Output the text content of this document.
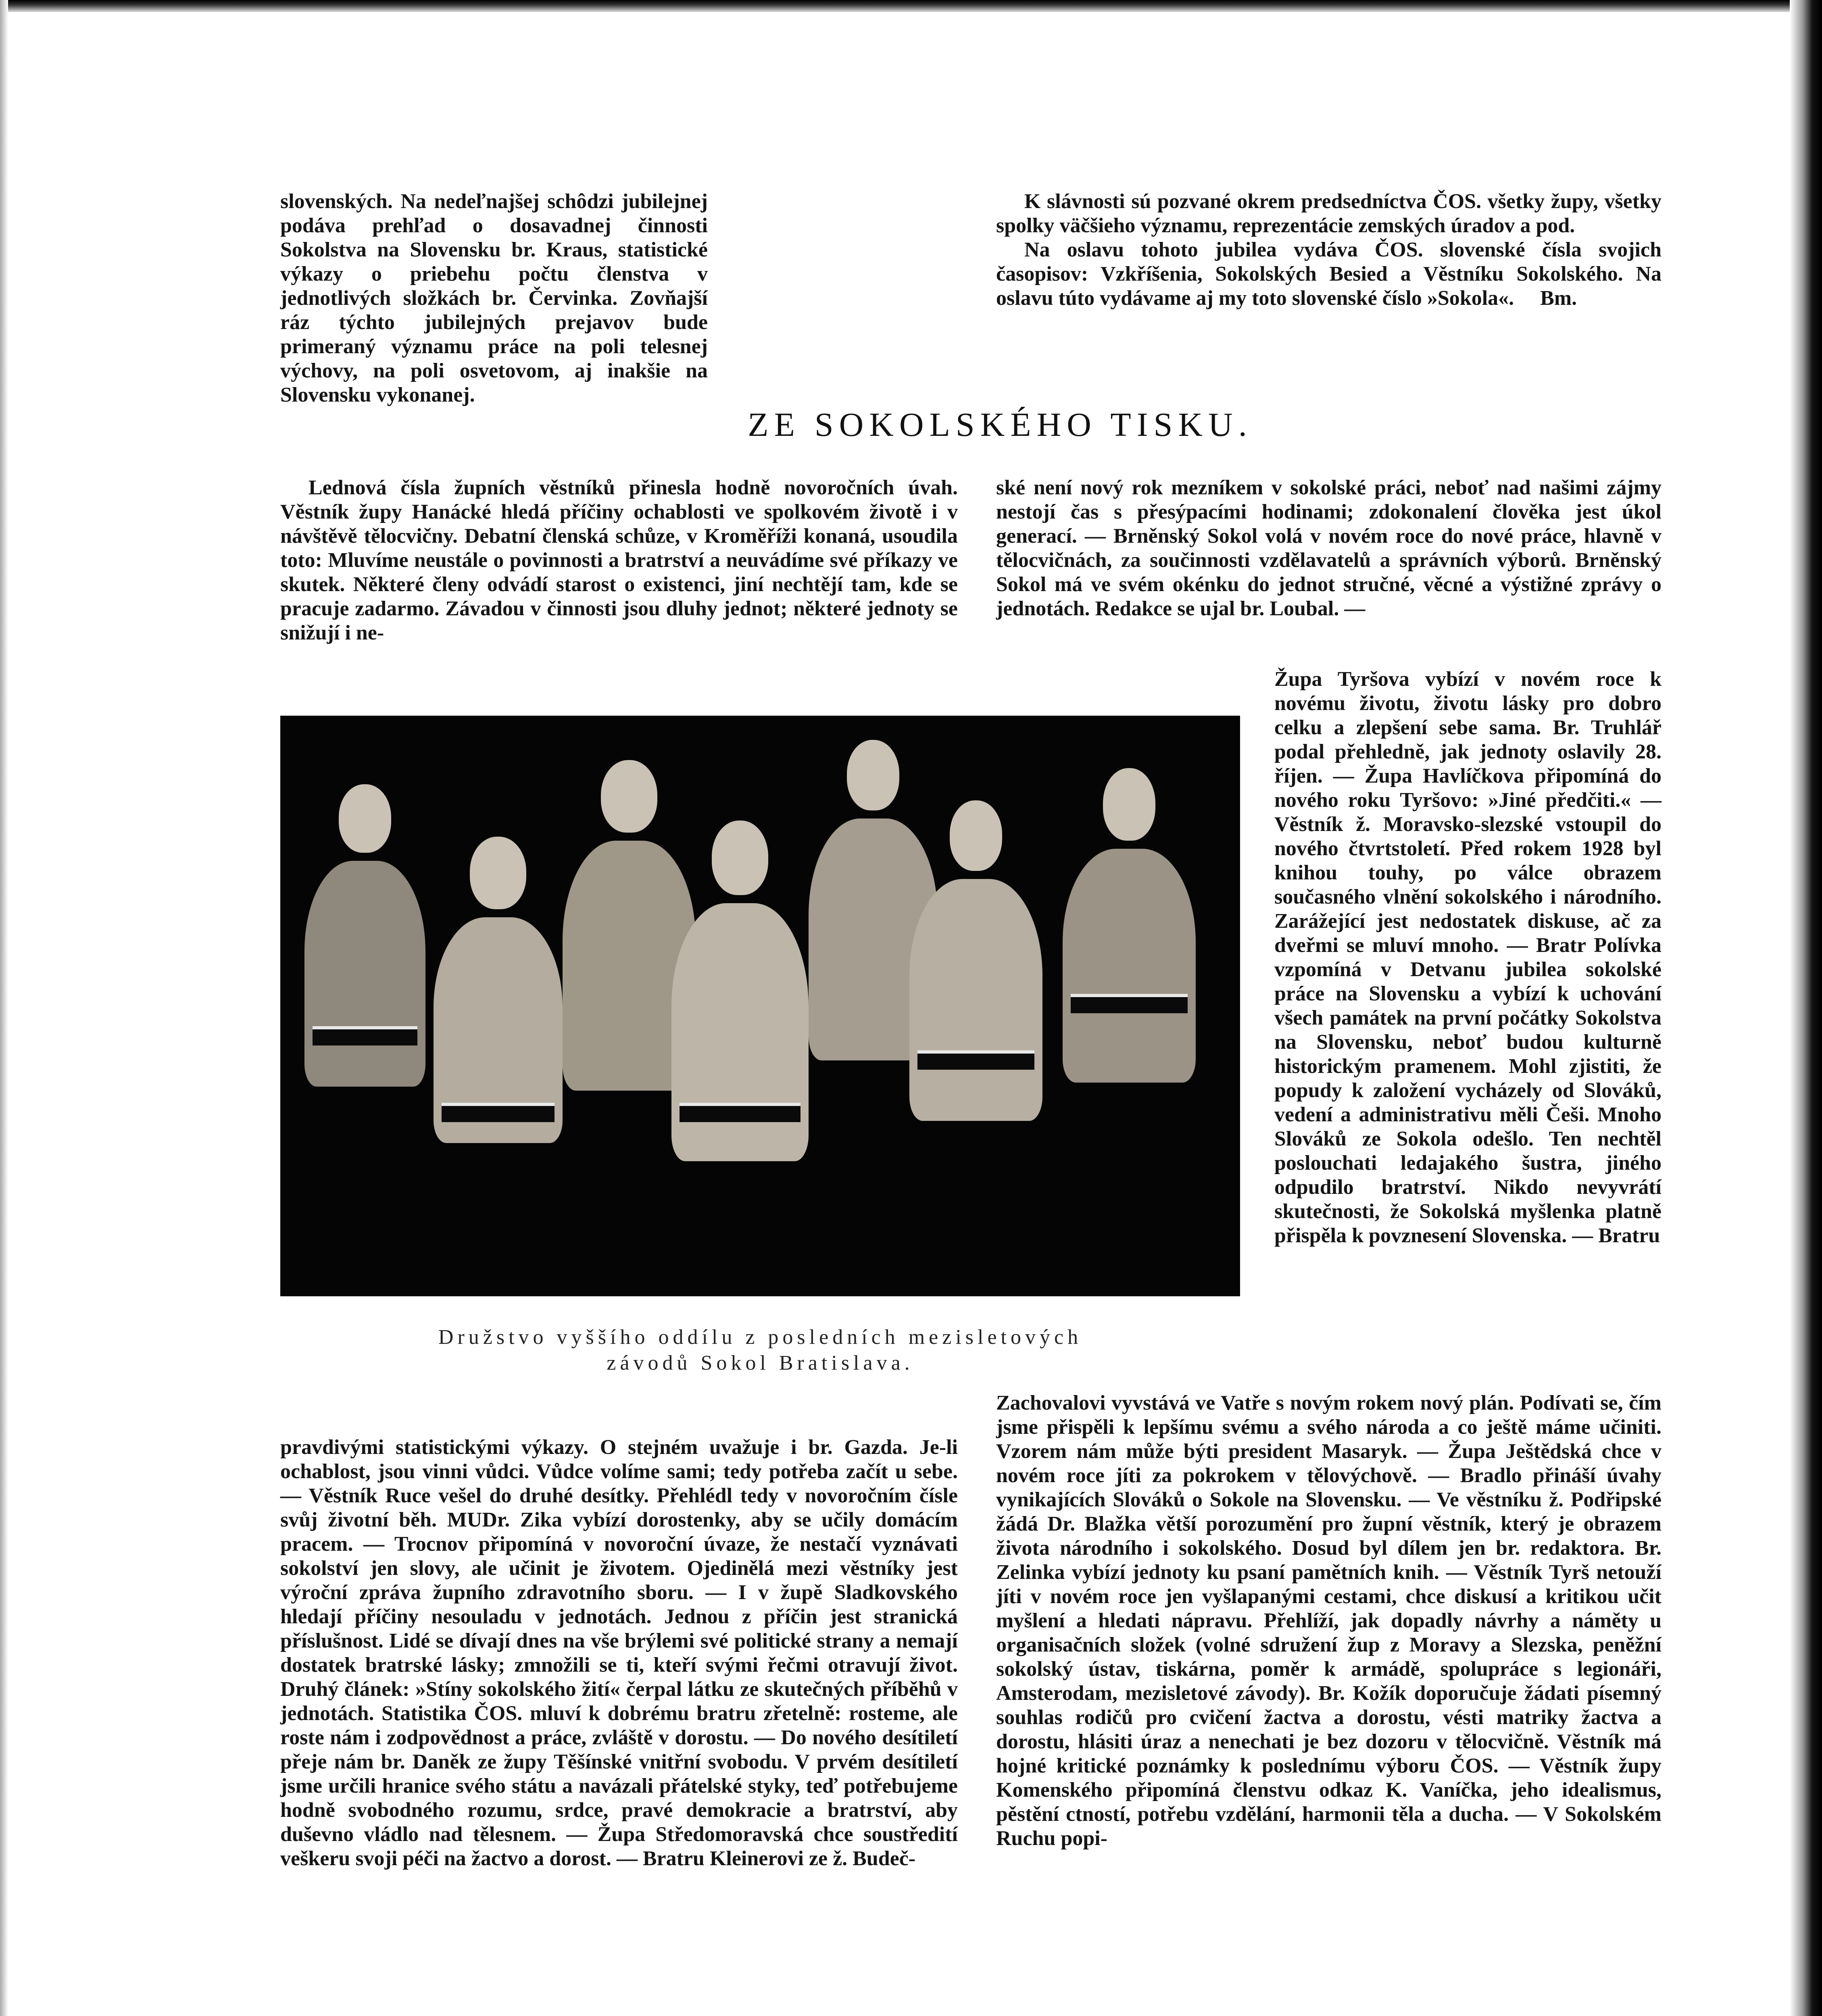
slovenských. Na nedeľnajšej schôdzi jubilejnej podáva prehľad o dosavadnej činnosti Sokolstva na Slovensku br. Kraus, statistické výkazy o priebehu počtu členstva v jednotlivých složkách br. Červinka. Zovňajší ráz týchto jubilejných prejavov bude primeraný významu práce na poli telesnej výchovy, na poli osvetovom, aj inakšie na Slovensku vykonanej.

K slávnosti sú pozvané okrem predsedníctva ČOS. všetky župy, všetky spolky väčšieho významu, reprezentácie zemských úradov a pod.

Na oslavu tohoto jubilea vydáva ČOS. slovenské čísla svojich časopisov: Vzkříšenia, Sokolských Besied a Věstníku Sokolského. Na oslavu túto vydávame aj my toto slovenské číslo »Sokola«. Bm.

ZE SOKOLSKÉHO TISKU.

Lednová čísla župních věstníků přinesla hodně novoročních úvah. Věstník župy Hanácké hledá příčiny ochablosti ve spolkovém životě i v návštěvě tělocvičny. Debatní členská schůze, v Kroměříži konaná, usoudila toto: Mluvíme neustále o povinnosti a bratrství a neuvádíme své příkazy ve skutek. Některé členy odvádí starost o existenci, jiní nechtějí tam, kde se pracuje zadarmo. Závadou v činnosti jsou dluhy jednot; některé jednoty se snižují i ne-

ské není nový rok mezníkem v sokolské práci, neboť nad našimi zájmy nestojí čas s přesýpacími hodinami; zdokonalení člověka jest úkol generací. — Brněnský Sokol volá v novém roce do nové práce, hlavně v tělocvičnách, za součinnosti vzdělavatelů a správních výborů. Brněnský Sokol má ve svém okénku do jednot stručné, věcné a výstižné zprávy o jednotách. Redakce se ujal br. Loubal. —

Družstvo vyššího oddílu z posledních mezisletových
závodů Sokol Bratislava.

Župa Tyršova vybízí v novém roce k novému životu, životu lásky pro dobro celku a zlepšení sebe sama. Br. Truhlář podal přehledně, jak jednoty oslavily 28. říjen. — Župa Havlíčkova připomíná do nového roku Tyršovo: »Jiné předčiti.« — Věstník ž. Moravsko-slezské vstoupil do nového čtvrtstoletí. Před rokem 1928 byl knihou touhy, po válce obrazem současného vlnění sokolského i národního. Zarážející jest nedostatek diskuse, ač za dveřmi se mluví mnoho. — Bratr Polívka vzpomíná v Detvanu jubilea sokolské práce na Slovensku a vybízí k uchování všech památek na první počátky Sokolstva na Slovensku, neboť budou kulturně historickým pramenem. Mohl zjistiti, že popudy k založení vycházely od Slováků, vedení a administrativu měli Češi. Mnoho Slováků ze Sokola odešlo. Ten nechtěl poslouchati ledajakého šustra, jiného odpudilo bratrství. Nikdo nevyvrátí skutečnosti, že Sokolská myšlenka platně přispěla k povznesení Slovenska. — Bratru

pravdivými statistickými výkazy. O stejném uvažuje i br. Gazda. Je-li ochablost, jsou vinni vůdci. Vůdce volíme sami; tedy potřeba začít u sebe. — Věstník Ruce vešel do druhé desítky. Přehlédl tedy v novoročním čísle svůj životní běh. MUDr. Zika vybízí dorostenky, aby se učily domácím pracem. — Trocnov připomíná v novoroční úvaze, že nestačí vyznávati sokolství jen slovy, ale učinit je životem. Ojedinělá mezi věstníky jest výroční zpráva župního zdravotního sboru. — I v župě Sladkovského hledají příčiny nesouladu v jednotách. Jednou z příčin jest stranická příslušnost. Lidé se dívají dnes na vše brýlemi své politické strany a nemají dostatek bratrské lásky; zmnožili se ti, kteří svými řečmi otravují život. Druhý článek: »Stíny sokolského žití« čerpal látku ze skutečných příběhů v jednotách. Statistika ČOS. mluví k dobrému bratru zřetelně: rosteme, ale roste nám i zodpovědnost a práce, zvláště v dorostu. — Do nového desítiletí přeje nám br. Daněk ze župy Těšínské vnitřní svobodu. V prvém desítiletí jsme určili hranice svého státu a navázali přátelské styky, teď potřebujeme hodně svobodného rozumu, srdce, pravé demokracie a bratrství, aby duševno vládlo nad tělesnem. — Župa Středomoravská chce soustředití veškeru svoji péči na žactvo a dorost. — Bratru Kleinerovi ze ž. Budeč-

Zachovalovi vyvstává ve Vatře s novým rokem nový plán. Podívati se, čím jsme přispěli k lepšímu svému a svého národa a co ještě máme učiniti. Vzorem nám může býti president Masaryk. — Župa Ještědská chce v novém roce jíti za pokrokem v tělovýchově. — Bradlo přináší úvahy vynikajících Slováků o Sokole na Slovensku. — Ve věstníku ž. Podřipské žádá Dr. Blažka větší porozumění pro župní věstník, který je obrazem života národního i sokolského. Dosud byl dílem jen br. redaktora. Br. Zelinka vybízí jednoty ku psaní pamětních knih. — Věstník Tyrš netouží jíti v novém roce jen vyšlapanými cestami, chce diskusí a kritikou učit myšlení a hledati nápravu. Přehlíží, jak dopadly návrhy a náměty u organisačních složek (volné sdružení žup z Moravy a Slezska, peněžní sokolský ústav, tiskárna, poměr k armádě, spolupráce s legionáři, Amsterodam, mezisletové závody). Br. Kožík doporučuje žádati písemný souhlas rodičů pro cvičení žactva a dorostu, vésti matriky žactva a dorostu, hlásiti úraz a nenechati je bez dozoru v tělocvičně. Věstník má hojné kritické poznámky k poslednímu výboru ČOS. — Věstník župy Komenského připomíná členstvu odkaz K. Vaníčka, jeho idealismus, pěstění ctností, potřebu vzdělání, harmonii těla a ducha. — V Sokolském Ruchu popi-
